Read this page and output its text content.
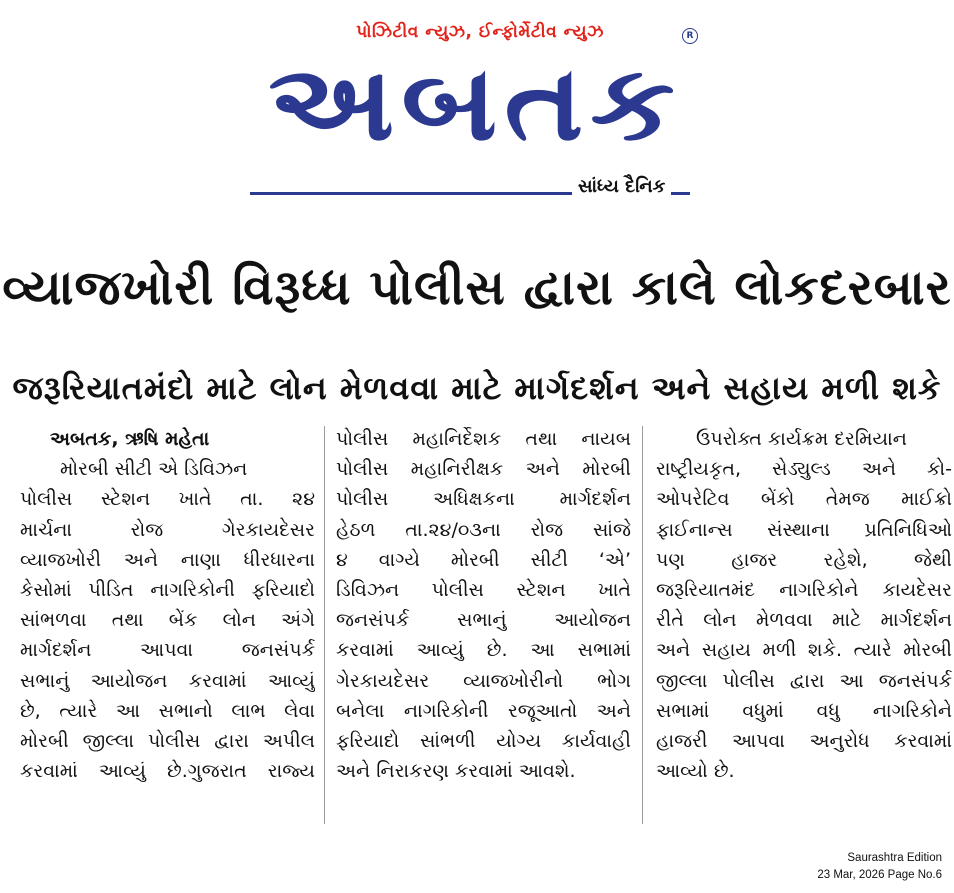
પોઝિટીવ ન્યુઝ, ઈન્ફોર્મેટીવ ન્યુઝ
અબતક
R
સાંધ્ય દૈનિક
વ્યાજખોરી વિરૂધ્ધ પોલીસ દ્વારા કાલે લોકદરબાર
જરૂરિયાતમંદો માટે લોન મેળવવા માટે માર્ગદર્શન અને સહાય મળી શકે
અબતક, ઋષિ મહેતા
મોરબી સીટી એ ડિવિઝન
પોલીસ સ્ટેશન ખાતે તા. ૨૪
માર્ચના રોજ ગેરકાયદેસર
વ્યાજખોરી અને નાણા ધીરધારના
કેસોમાં પીડિત નાગરિકોની ફરિયાદો
સાંભળવા તથા બેંક લોન અંગે
માર્ગદર્શન આપવા જનસંપર્ક
સભાનું આયોજન કરવામાં આવ્યું
છે, ત્યારે આ સભાનો લાભ લેવા
મોરબી જીલ્લા પોલીસ દ્વારા અપીલ
કરવામાં આવ્યું છે.ગુજરાત રાજ્ય
પોલીસ મહાનિર્દેશક તથા નાયબ
પોલીસ મહાનિરીક્ષક અને મોરબી
પોલીસ અધિક્ષકના માર્ગદર્શન
હેઠળ તા.૨૪/૦૩ના રોજ સાંજે
૪ વાગ્યે મોરબી સીટી ‘એ’
ડિવિઝન પોલીસ સ્ટેશન ખાતે
જનસંપર્ક સભાનું આયોજન
કરવામાં આવ્યું છે. આ સભામાં
ગેરકાયદેસર વ્યાજખોરીનો ભોગ
બનેલા નાગરિકોની રજૂઆતો અને
ફરિયાદો સાંભળી યોગ્ય કાર્યવાહી
અને નિરાકરણ કરવામાં આવશે.
ઉપરોક્ત કાર્યક્રમ દરમિયાન
રાષ્ટ્રીયકૃત, સેડ્યુલ્ડ અને કો-
ઓપરેટિવ બેંકો તેમજ માઈક્રો
ફાઈનાન્સ સંસ્થાના પ્રતિનિધિઓ
પણ હાજર રહેશે, જેથી
જરૂરિયાતમંદ નાગરિકોને કાયદેસર
રીતે લોન મેળવવા માટે માર્ગદર્શન
અને સહાય મળી શકે. ત્યારે મોરબી
જીલ્લા પોલીસ દ્વારા આ જનસંપર્ક
સભામાં વધુમાં વધુ નાગરિકોને
હાજરી આપવા અનુરોધ કરવામાં
આવ્યો છે.
Saurashtra Edition
23 Mar, 2026 Page No.6
